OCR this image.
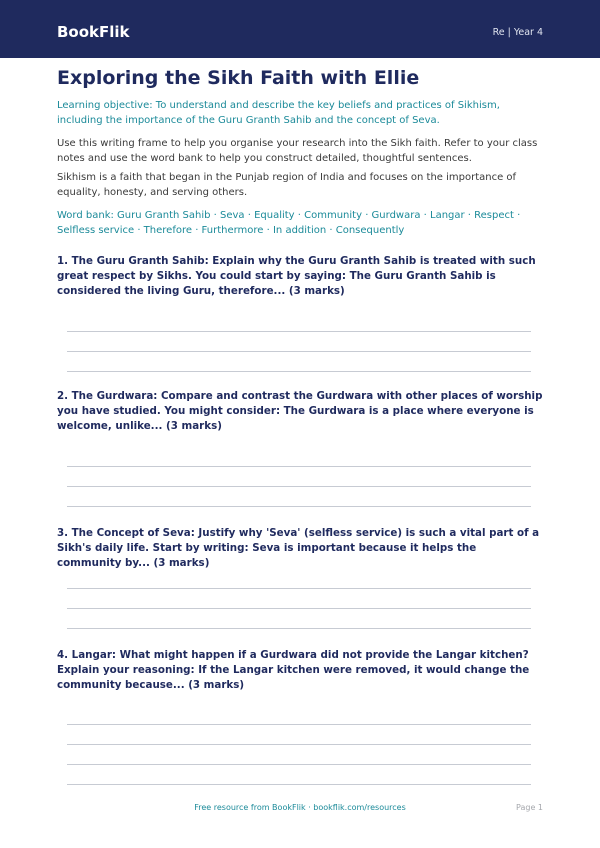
BookFlik	Re | Year 4
Exploring the Sikh Faith with Ellie

Learning objective: To understand and describe the key beliefs and practices of Sikhism, including the importance of the Guru Granth Sahib and the concept of Seva.

Use this writing frame to help you organise your research into the Sikh faith. Refer to your class notes and use the word bank to help you construct detailed, thoughtful sentences.

Sikhism is a faith that began in the Punjab region of India and focuses on the importance of equality, honesty, and serving others.

Word bank: Guru Granth Sahib · Seva · Equality · Community · Gurdwara · Langar · Respect · Selfless service · Therefore · Furthermore · In addition · Consequently

1. The Guru Granth Sahib: Explain why the Guru Granth Sahib is treated with such great respect by Sikhs. You could start by saying: The Guru Granth Sahib is considered the living Guru, therefore... (3 marks)

2. The Gurdwara: Compare and contrast the Gurdwara with other places of worship you have studied. You might consider: The Gurdwara is a place where everyone is welcome, unlike... (3 marks)

3. The Concept of Seva: Justify why 'Seva' (selfless service) is such a vital part of a Sikh's daily life. Start by writing: Seva is important because it helps the community by... (3 marks)

4. Langar: What might happen if a Gurdwara did not provide the Langar kitchen? Explain your reasoning: If the Langar kitchen were removed, it would change the community because... (3 marks)

Free resource from BookFlik · bookflik.com/resources	Page 1
